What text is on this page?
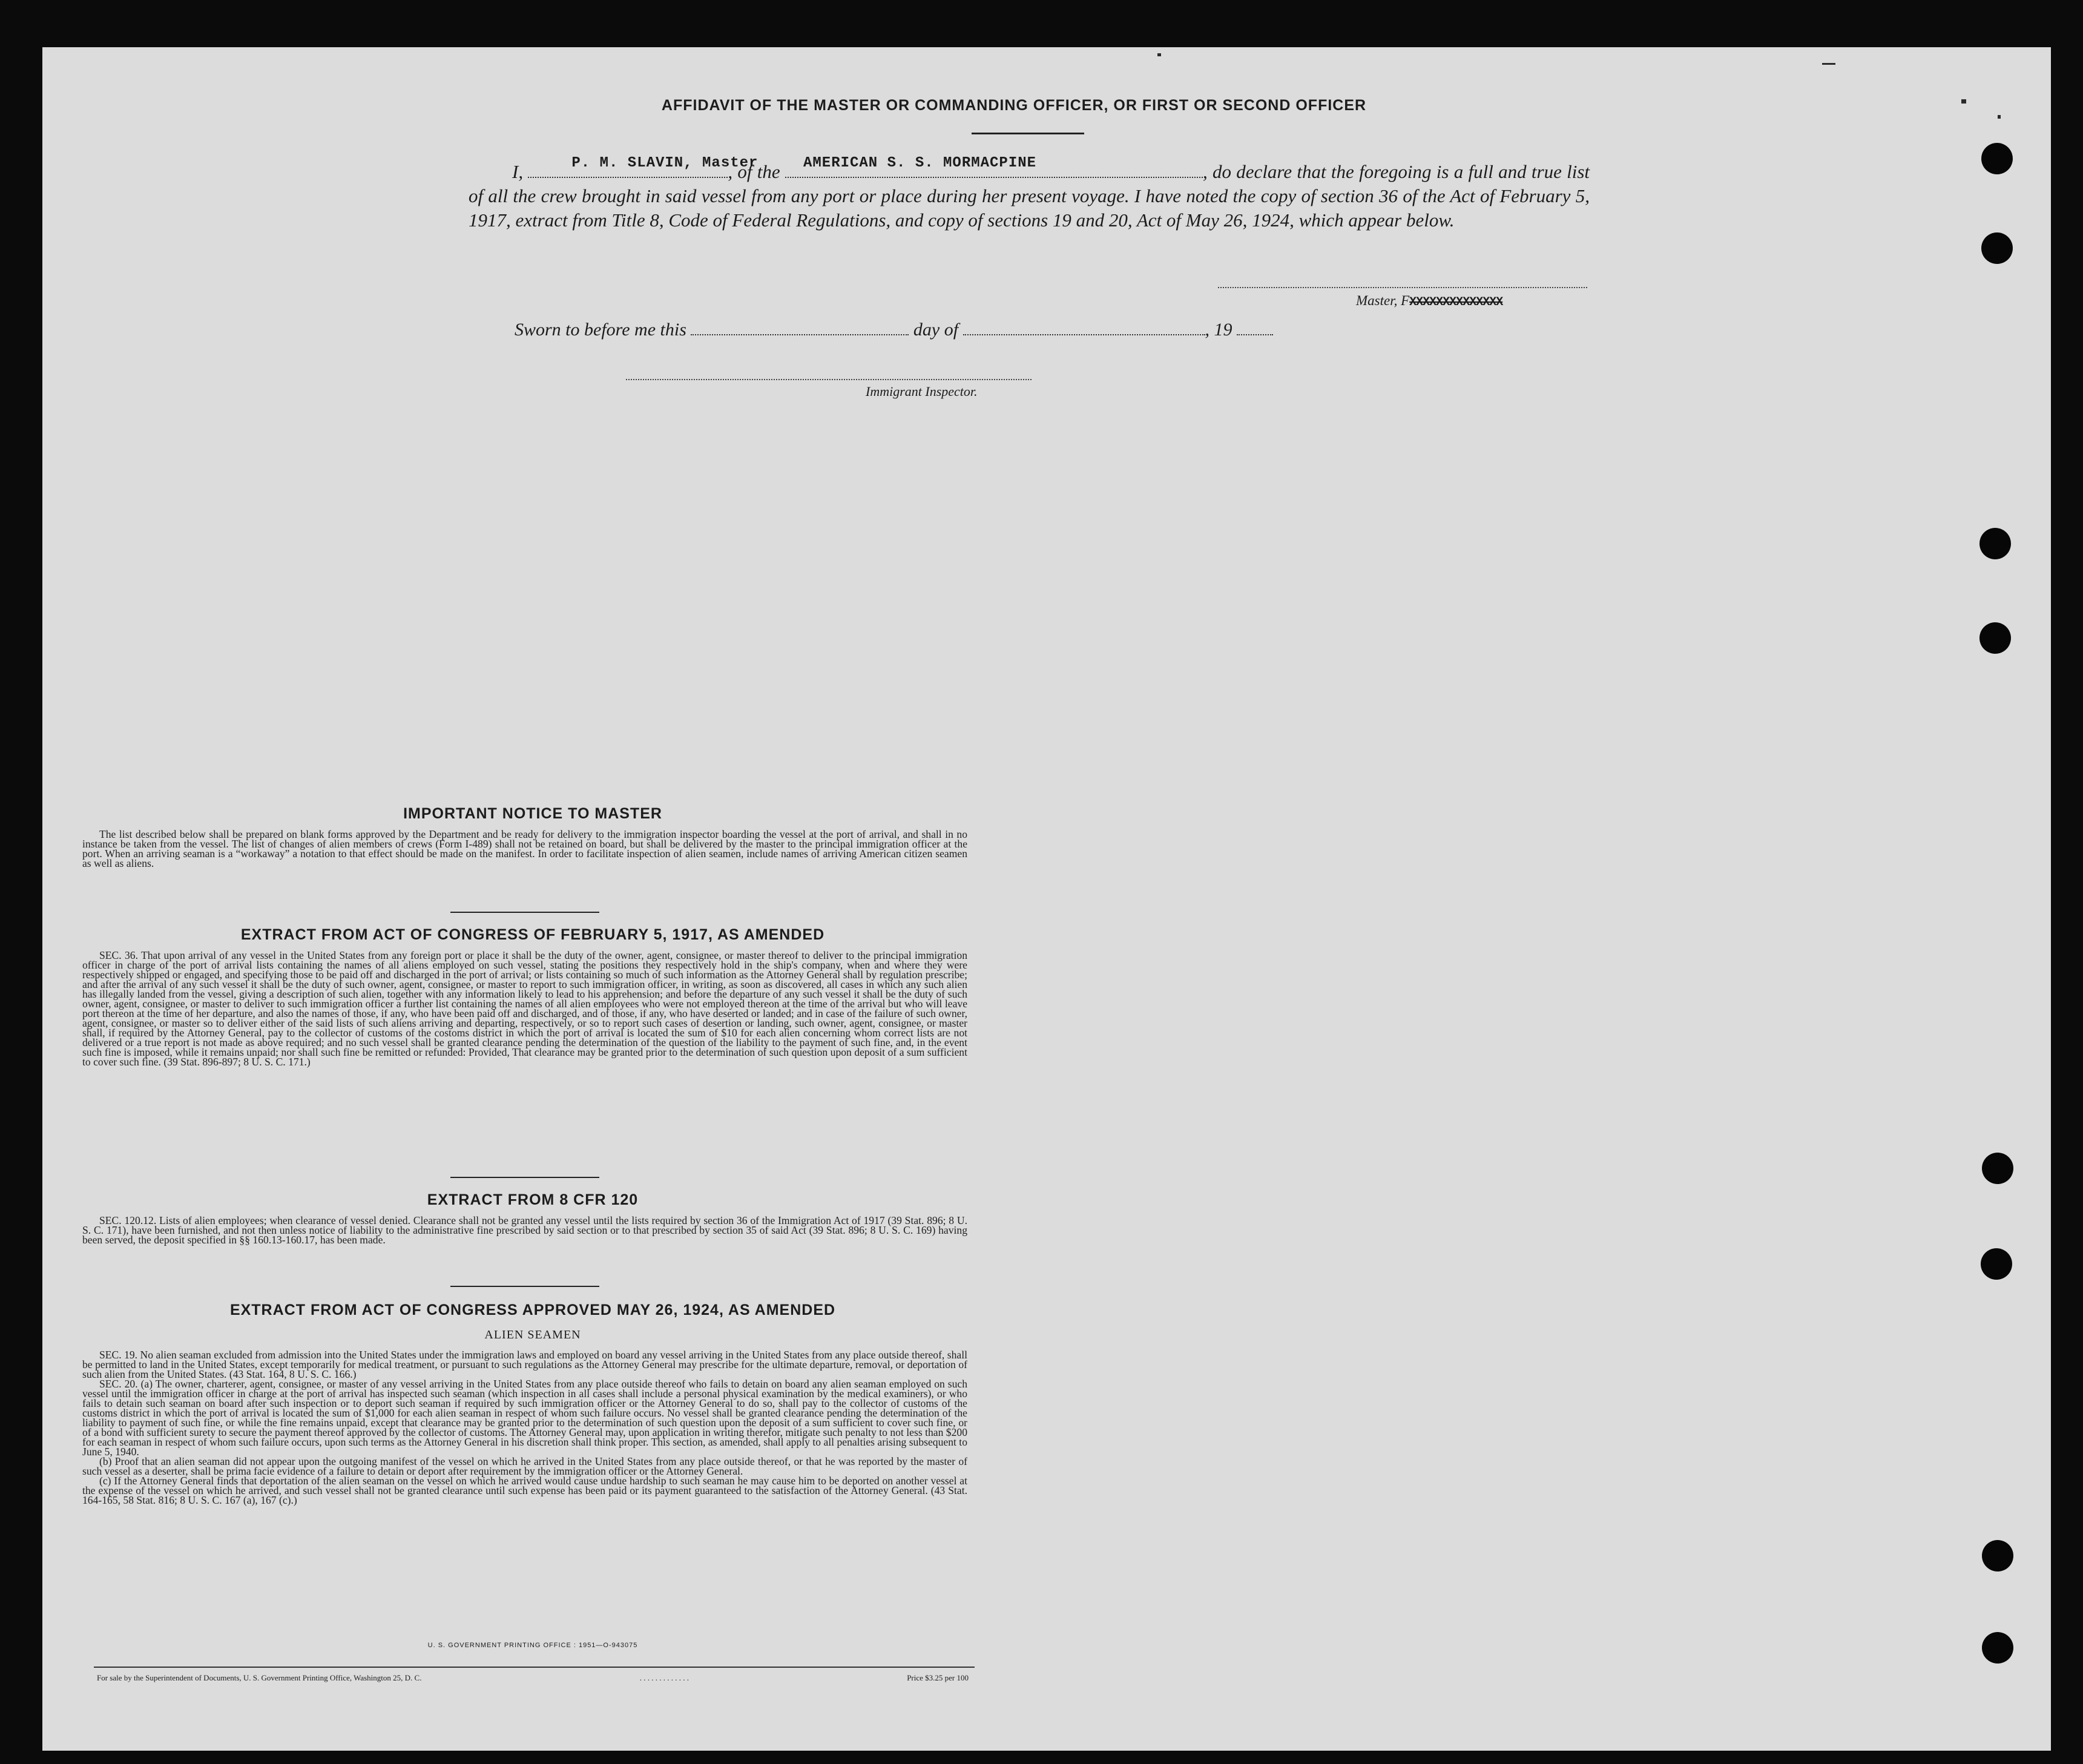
AFFIDAVIT OF THE MASTER OR COMMANDING OFFICER, OR FIRST OR SECOND OFFICER
I,	P. M. SLAVIN, Master
, of the AMERICAN S. S. MORMACPINE	, do declare that the foregoing is a full and true list of all the crew brought in said vessel from any port or place during her present voyage. I have noted the copy of section 36 of the Act of February 5, 1917, extract from Title 8, Code of Federal Regulations, and copy of sections 19 and 20, Act of May 26, 1924, which appear below.
Master, FXXXXXXXXXXXXXX
Sworn to before me this	day of	, 19
Immigrant Inspector.
IMPORTANT NOTICE TO MASTER

The list described below shall be prepared on blank forms approved by the Department and be ready for delivery to the immigration inspector boarding the vessel at the port of arrival, and shall in no instance be taken from the vessel. The list of changes of alien members of crews (Form I-489) shall not be retained on board, but shall be delivered by the master to the principal immigration officer at the port. When an arriving seaman is a “workaway” a notation to that effect should be made on the manifest. In order to facilitate inspection of alien seamen, include names of arriving American citizen seamen as well as aliens.

EXTRACT FROM ACT OF CONGRESS OF FEBRUARY 5, 1917, AS AMENDED

SEC. 36. That upon arrival of any vessel in the United States from any foreign port or place it shall be the duty of the owner, agent, consignee, or master thereof to deliver to the principal immigration officer in charge of the port of arrival lists containing the names of all aliens employed on such vessel, stating the positions they respectively hold in the ship's company, when and where they were respectively shipped or engaged, and specifying those to be paid off and discharged in the port of arrival; or lists containing so much of such information as the Attorney General shall by regulation prescribe; and after the arrival of any such vessel it shall be the duty of such owner, agent, consignee, or master to report to such immigration officer, in writing, as soon as discovered, all cases in which any such alien has illegally landed from the vessel, giving a description of such alien, together with any information likely to lead to his apprehension; and before the departure of any such vessel it shall be the duty of such owner, agent, consignee, or master to deliver to such immigration officer a further list containing the names of all alien employees who were not employed thereon at the time of the arrival but who will leave port thereon at the time of her departure, and also the names of those, if any, who have been paid off and discharged, and of those, if any, who have deserted or landed; and in case of the failure of such owner, agent, consignee, or master so to deliver either of the said lists of such aliens arriving and departing, respectively, or so to report such cases of desertion or landing, such owner, agent, consignee, or master shall, if required by the Attorney General, pay to the collector of customs of the costoms district in which the port of arrival is located the sum of $10 for each alien concerning whom correct lists are not delivered or a true report is not made as above required; and no such vessel shall be granted clearance pending the determination of the question of the liability to the payment of such fine, and, in the event such fine is imposed, while it remains unpaid; nor shall such fine be remitted or refunded: Provided, That clearance may be granted prior to the determination of such question upon deposit of a sum sufficient to cover such fine. (39 Stat. 896-897; 8 U. S. C. 171.)

EXTRACT FROM 8 CFR 120

SEC. 120.12. Lists of alien employees; when clearance of vessel denied. Clearance shall not be granted any vessel until the lists required by section 36 of the Immigration Act of 1917 (39 Stat. 896; 8 U. S. C. 171), have been furnished, and not then unless notice of liability to the administrative fine prescribed by said section or to that prescribed by section 35 of said Act (39 Stat. 896; 8 U. S. C. 169) having been served, the deposit specified in §§ 160.13-160.17, has been made.

EXTRACT FROM ACT OF CONGRESS APPROVED MAY 26, 1924, AS AMENDED
ALIEN SEAMEN

SEC. 19. No alien seaman excluded from admission into the United States under the immigration laws and employed on board any vessel arriving in the United States from any place outside thereof, shall be permitted to land in the United States, except temporarily for medical treatment, or pursuant to such regulations as the Attorney General may prescribe for the ultimate departure, removal, or deportation of such alien from the United States. (43 Stat. 164, 8 U. S. C. 166.)

SEC. 20. (a) The owner, charterer, agent, consignee, or master of any vessel arriving in the United States from any place outside thereof who fails to detain on board any alien seaman employed on such vessel until the immigration officer in charge at the port of arrival has inspected such seaman (which inspection in all cases shall include a personal physical examination by the medical examiners), or who fails to detain such seaman on board after such inspection or to deport such seaman if required by such immigration officer or the Attorney General to do so, shall pay to the collector of customs of the customs district in which the port of arrival is located the sum of $1,000 for each alien seaman in respect of whom such failure occurs. No vessel shall be granted clearance pending the determination of the liability to payment of such fine, or while the fine remains unpaid, except that clearance may be granted prior to the determination of such question upon the deposit of a sum sufficient to cover such fine, or of a bond with sufficient surety to secure the payment thereof approved by the collector of customs. The Attorney General may, upon application in writing therefor, mitigate such penalty to not less than $200 for each seaman in respect of whom such failure occurs, upon such terms as the Attorney General in his discretion shall think proper. This section, as amended, shall apply to all penalties arising subsequent to June 5, 1940.

(b) Proof that an alien seaman did not appear upon the outgoing manifest of the vessel on which he arrived in the United States from any place outside thereof, or that he was reported by the master of such vessel as a deserter, shall be prima facie evidence of a failure to detain or deport after requirement by the immigration officer or the Attorney General.

(c) If the Attorney General finds that deportation of the alien seaman on the vessel on which he arrived would cause undue hardship to such seaman he may cause him to be deported on another vessel at the expense of the vessel on which he arrived, and such vessel shall not be granted clearance until such expense has been paid or its payment guaranteed to the satisfaction of the Attorney General. (43 Stat. 164-165, 58 Stat. 816; 8 U. S. C. 167 (a), 167 (c).)

U. S. GOVERNMENT PRINTING OFFICE : 1951—O-943075
For sale by the Superintendent of Documents, U. S. Government Printing Office, Washington 25, D. C.	. . . . . . . . . . . . .	Price $3.25 per 100
